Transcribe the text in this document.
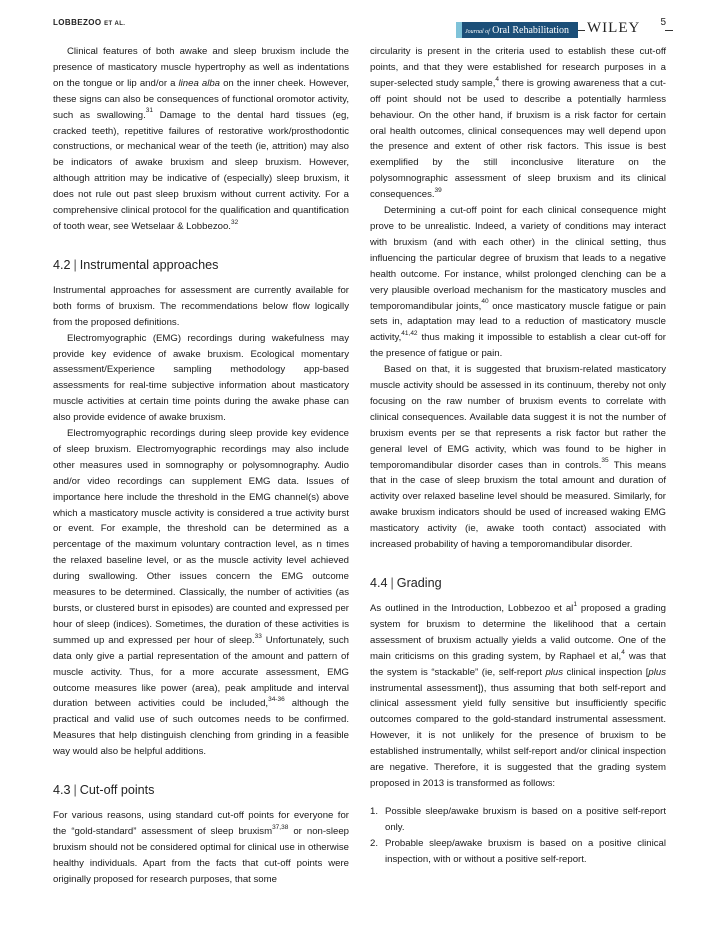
LOBBEZOO ET AL.
Journal of Oral Rehabilitation	WILEY 5

Clinical features of both awake and sleep bruxism include the presence of masticatory muscle hypertrophy as well as indentations on the tongue or lip and/or a linea alba on the inner cheek. However, these signs can also be consequences of functional oromotor activity, such as swallowing.$^{31}$ Damage to the dental hard tissues (eg, cracked teeth), repetitive failures of restorative work/prosthodontic constructions, or mechanical wear of the teeth (ie, attrition) may also be indicators of awake bruxism and sleep bruxism. However, although attrition may be indicative of (especially) sleep bruxism, it does not rule out past sleep bruxism without current activity. For a comprehensive clinical protocol for the qualification and quantification of tooth wear, see Wetselaar & Lobbezoo.$^{32}$

4.2 | Instrumental approaches

Instrumental approaches for assessment are currently available for both forms of bruxism. The recommendations below flow logically from the proposed definitions.

Electromyographic (EMG) recordings during wakefulness may provide key evidence of awake bruxism. Ecological momentary assessment/Experience sampling methodology app-based assessments for real-time subjective information about masticatory muscle activities at certain time points during the awake phase can also provide evidence of awake bruxism.

Electromyographic recordings during sleep provide key evidence of sleep bruxism. Electromyographic recordings may also include other measures used in somnography or polysomnography. Audio and/or video recordings can supplement EMG data. Issues of importance here include the threshold in the EMG channel(s) above which a masticatory muscle activity is considered a true activity burst or event. For example, the threshold can be determined as a percentage of the maximum voluntary contraction level, as n times the relaxed baseline level, or as the muscle activity level achieved during swallowing. Other issues concern the EMG outcome measures to be determined. Classically, the number of activities (as bursts, or clustered burst in episodes) are counted and expressed per hour of sleep (indices). Sometimes, the duration of these activities is summed up and expressed per hour of sleep.$^{33}$ Unfortunately, such data only give a partial representation of the amount and pattern of muscle activity. Thus, for a more accurate assessment, EMG outcome measures like power (area), peak amplitude and interval duration between activities could be included,$^{34-36}$ although the practical and valid use of such outcomes needs to be confirmed. Measures that help distinguish clenching from grinding in a feasible way would also be helpful additions.

4.3 | Cut-off points

For various reasons, using standard cut-off points for everyone for the “gold-standard” assessment of sleep bruxism$^{37,38}$ or non-sleep bruxism should not be considered optimal for clinical use in otherwise healthy individuals. Apart from the facts that cut-off points were originally proposed for research purposes, that some

circularity is present in the criteria used to establish these cut-off points, and that they were established for research purposes in a super-selected study sample,$^4$ there is growing awareness that a cut-off point should not be used to describe a potentially harmless behaviour. On the other hand, if bruxism is a risk factor for certain oral health outcomes, clinical consequences may well depend upon the presence and extent of other risk factors. This issue is best exemplified by the still inconclusive literature on the polysomnographic assessment of sleep bruxism and its clinical consequences.$^{39}$

Determining a cut-off point for each clinical consequence might prove to be unrealistic. Indeed, a variety of conditions may interact with bruxism (and with each other) in the clinical setting, thus influencing the particular degree of bruxism that leads to a negative health outcome. For instance, whilst prolonged clenching can be a very plausible overload mechanism for the masticatory muscles and temporomandibular joints,$^{40}$ once masticatory muscle fatigue or pain sets in, adaptation may lead to a reduction of masticatory muscle activity,$^{41,42}$ thus making it impossible to establish a clear cut-off for the presence of fatigue or pain.

Based on that, it is suggested that bruxism-related masticatory muscle activity should be assessed in its continuum, thereby not only focusing on the raw number of bruxism events to correlate with clinical consequences. Available data suggest it is not the number of bruxism events per se that represents a risk factor but rather the general level of EMG activity, which was found to be higher in temporomandibular disorder cases than in controls.$^{35}$ This means that in the case of sleep bruxism the total amount and duration of activity over relaxed baseline level should be measured. Similarly, for awake bruxism indicators should be used of increased waking EMG masticatory activity (ie, awake tooth contact) associated with increased probability of having a temporomandibular disorder.

4.4 | Grading

As outlined in the Introduction, Lobbezoo et $al^1$ proposed a grading system for bruxism to determine the likelihood that a certain assessment of bruxism actually yields a valid outcome. One of the main criticisms on this grading system, by Raphael et al,$^4$ was that the system is “stackable” (ie, self-report plus clinical inspection [plus instrumental assessment]), thus assuming that both self-report and clinical assessment yield fully sensitive but insufficiently specific outcomes compared to the gold-standard instrumental assessment. However, it is not unlikely for the presence of bruxism to be established instrumentally, whilst self-report and/or clinical inspection are negative. Therefore, it is suggested that the grading system proposed in 2013 is transformed as follows:

1. Possible sleep/awake bruxism is based on a positive self-report only.
2. Probable sleep/awake bruxism is based on a positive clinical inspection, with or without a positive self-report.
